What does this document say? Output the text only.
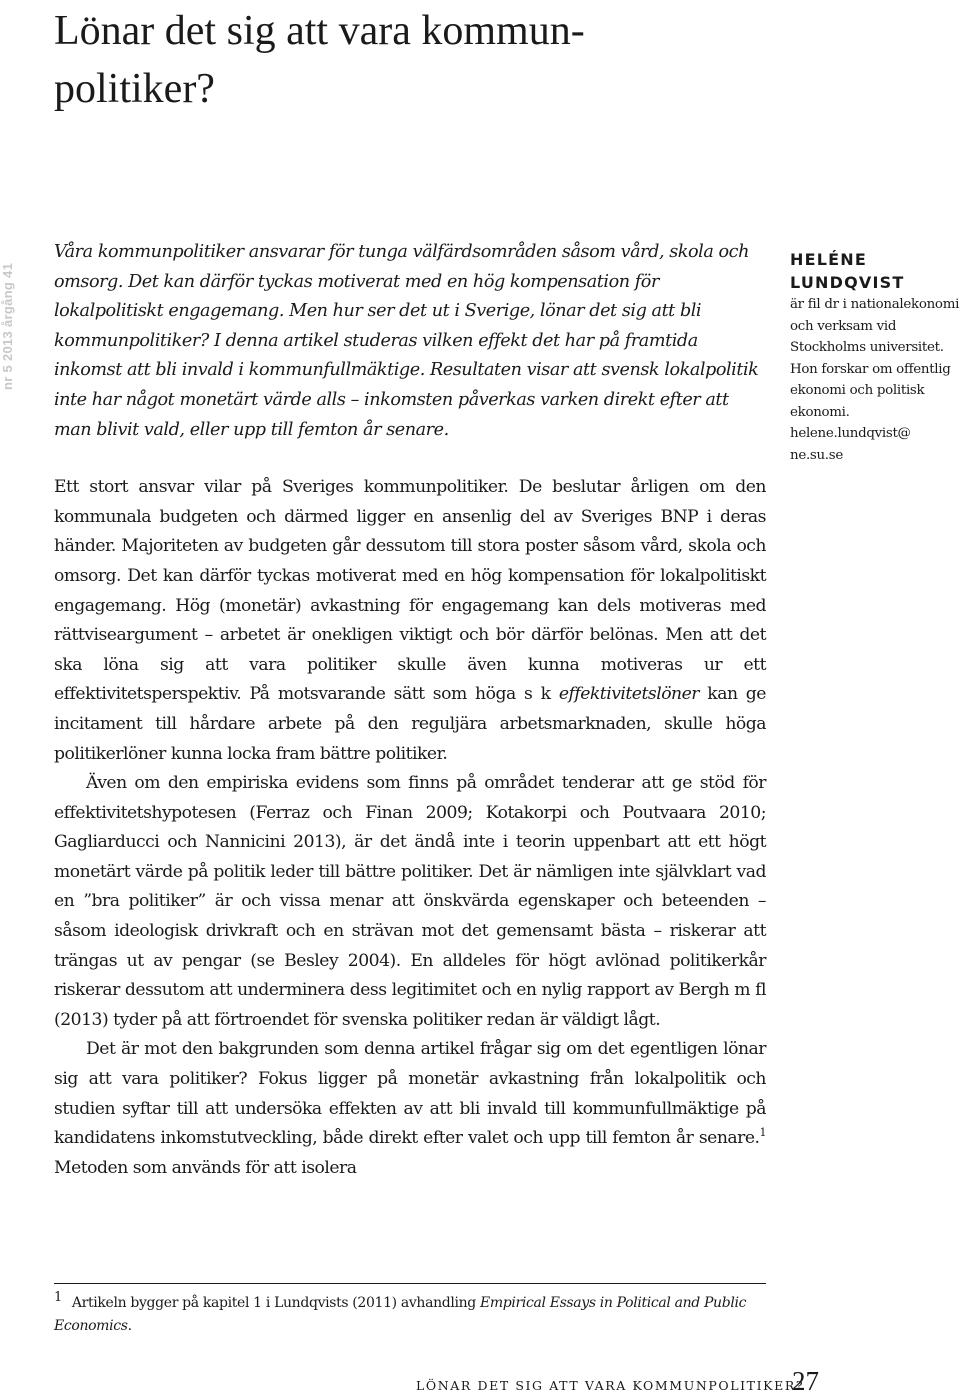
Lönar det sig att vara kommun-politiker?
nr 5 2013 årgång 41

Våra kommunpolitiker ansvarar för tunga välfärdsområden såsom vård, skola och omsorg. Det kan därför tyckas motiverat med en hög kompensation för lokalpolitiskt engagemang. Men hur ser det ut i Sverige, lönar det sig att bli kommunpolitiker? I denna artikel studeras vilken effekt det har på framtida inkomst att bli invald i kommunfullmäktige. Resultaten visar att svensk lokalpolitik inte har något monetärt värde alls – inkomsten påverkas varken direkt efter att man blivit vald, eller upp till femton år senare.

Ett stort ansvar vilar på Sveriges kommunpolitiker. De beslutar årligen om den kommunala budgeten och därmed ligger en ansenlig del av Sveriges BNP i deras händer. Majoriteten av budgeten går dessutom till stora poster såsom vård, skola och omsorg. Det kan därför tyckas motiverat med en hög kompensation för lokalpolitiskt engagemang. Hög (monetär) avkastning för engagemang kan dels motiveras med rättviseargument – arbetet är onekligen viktigt och bör därför belönas. Men att det ska löna sig att vara politiker skulle även kunna motiveras ur ett effektivitetsperspektiv. På motsvarande sätt som höga s k effektivitetslöner kan ge incitament till hårdare arbete på den reguljära arbetsmarknaden, skulle höga politikerlöner kunna locka fram bättre politiker.

Även om den empiriska evidens som finns på området tenderar att ge stöd för effektivitetshypotesen (Ferraz och Finan 2009; Kotakorpi och Poutvaara 2010; Gagliarducci och Nannicini 2013), är det ändå inte i teorin uppenbart att ett högt monetärt värde på politik leder till bättre politiker. Det är nämligen inte självklart vad en ”bra politiker” är och vissa menar att önskvärda egenskaper och beteenden – såsom ideologisk drivkraft och en strävan mot det gemensamt bästa – riskerar att trängas ut av pengar (se Besley 2004). En alldeles för högt avlönad politikerkår riskerar dessutom att underminera dess legitimitet och en nylig rapport av Bergh m fl (2013) tyder på att förtroendet för svenska politiker redan är väldigt lågt.

Det är mot den bakgrunden som denna artikel frågar sig om det egentligen lönar sig att vara politiker? Fokus ligger på monetär avkastning från lokalpolitik och studien syftar till att undersöka effekten av att bli invald till kommunfullmäktige på kandidatens inkomstutveckling, både direkt efter valet och upp till femton år senare.$^1$ Metoden som används för att isolera

1 Artikeln bygger på kapitel 1 i Lundqvists (2011) avhandling Empirical Essays in Political and Public Economics.

HELÉNE

LUNDQVIST

är fil dr i nationalekonomi och verksam vid Stockholms universitet. Hon forskar om offentlig ekonomi och politisk ekonomi.

helene.lundqvist@ ne.su.se

LÖNAR DET SIG ATT VARA KOMMUNPOLITIKER?
27
